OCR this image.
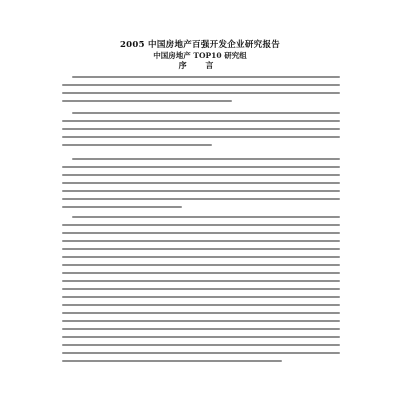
2005 中国房地产百强开发企业研究报告
中国房地产 TOP10 研究组
序 言
